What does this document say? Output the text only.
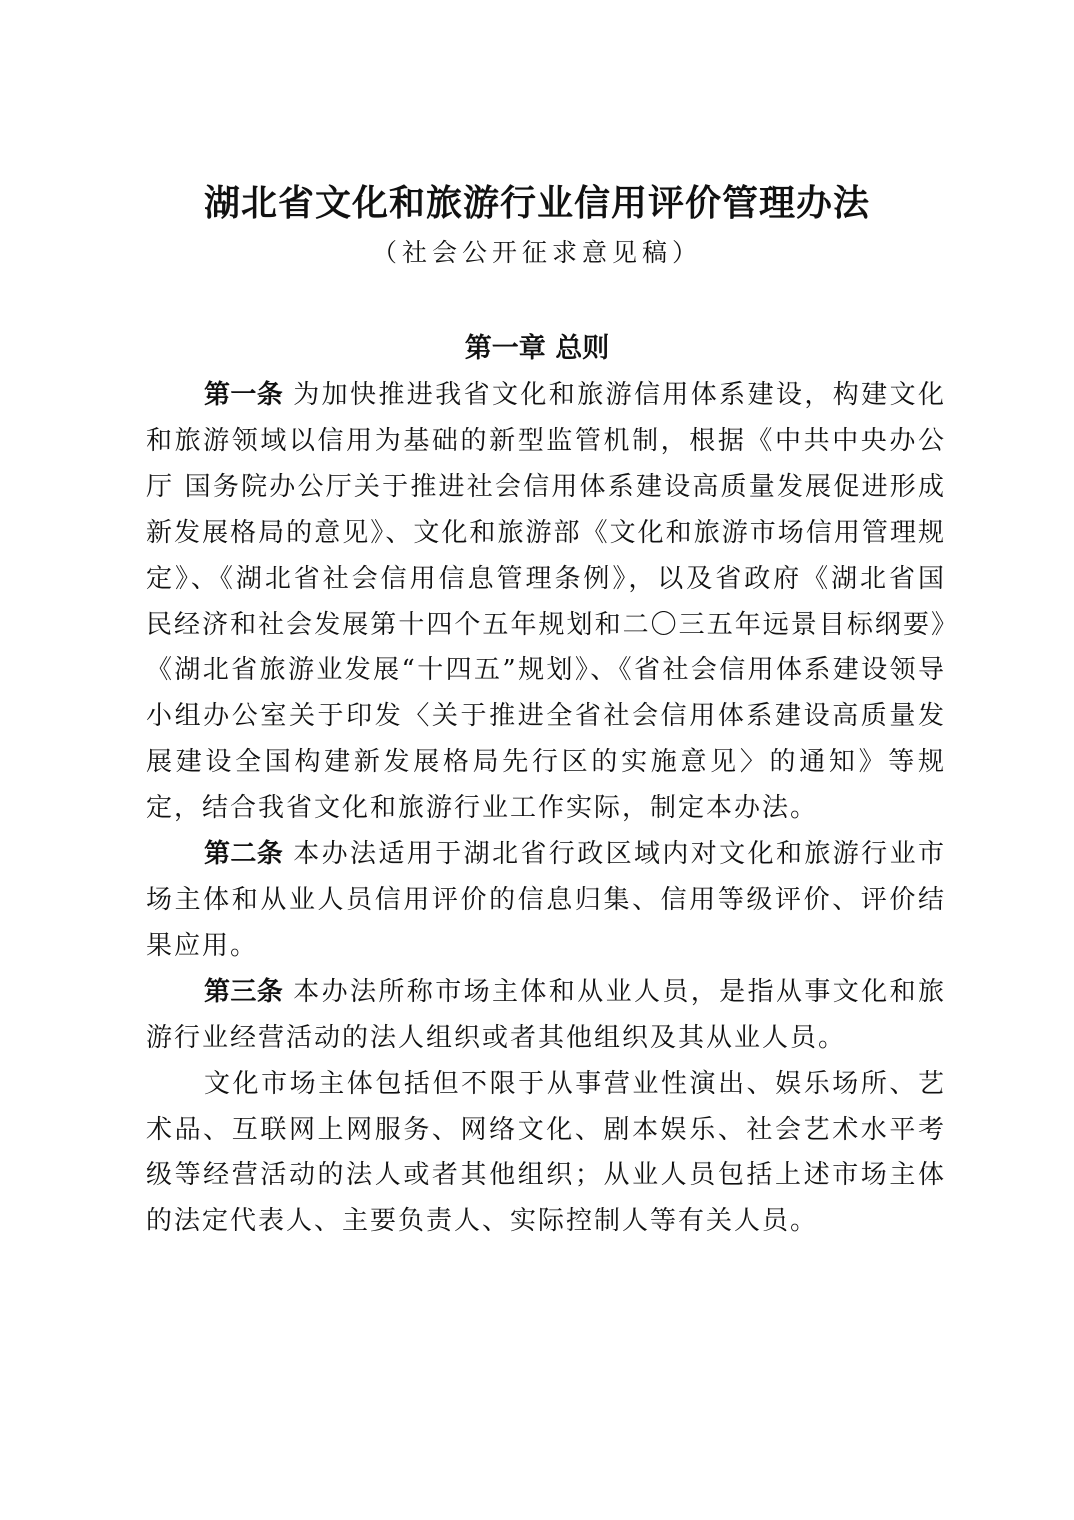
湖北省文化和旅游行业信用评价管理办法
（社会公开征求意见稿）
第一章 总则

第一条 为加快推进我省文化和旅游信用体系建设，构建文化和旅游领域以信用为基础的新型监管机制，根据《中共中央办公厅 国务院办公厅关于推进社会信用体系建设高质量发展促进形成新发展格局的意见》、文化和旅游部《文化和旅游市场信用管理规定》、《湖北省社会信用信息管理条例》，以及省政府《湖北省国民经济和社会发展第十四个五年规划和二〇三五年远景目标纲要》《湖北省旅游业发展“十四五”规划》、《省社会信用体系建设领导小组办公室关于印发〈关于推进全省社会信用体系建设高质量发展建设全国构建新发展格局先行区的实施意见〉的通知》等规定，结合我省文化和旅游行业工作实际，制定本办法。

第二条 本办法适用于湖北省行政区域内对文化和旅游行业市场主体和从业人员信用评价的信息归集、信用等级评价、评价结果应用。

第三条 本办法所称市场主体和从业人员，是指从事文化和旅游行业经营活动的法人组织或者其他组织及其从业人员。

文化市场主体包括但不限于从事营业性演出、娱乐场所、艺术品、互联网上网服务、网络文化、剧本娱乐、社会艺术水平考级等经营活动的法人或者其他组织；从业人员包括上述市场主体的法定代表人、主要负责人、实际控制人等有关人员。
